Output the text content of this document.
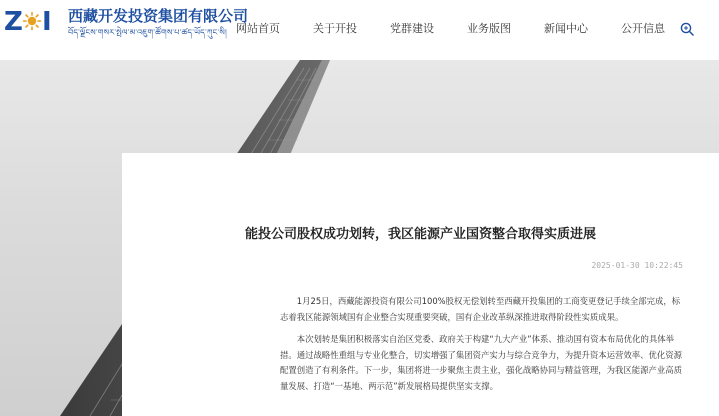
Z I 西藏开发投资集团有限公司
བོད་ལྗོངས་གསར་སྤེལ་མ་འཇུག་ཚོགས་པ་ཚད་ཡོད་ཀུང་སི། 网站首页	关于开投	党群建设	业务版图	新闻中心	公开信息
能投公司股权成功划转，我区能源产业国资整合取得实质进展
2025-01-30 10:22:45

1月25日，西藏能源投资有限公司100%股权无偿划转至西藏开投集团的工商变更登记手续全部完成，标志着我区能源领域国有企业整合实现重要突破，国有企业改革纵深推进取得阶段性实质成果。

本次划转是集团积极落实自治区党委、政府关于构建“九大产业”体系、推动国有资本布局优化的具体举措。通过战略性重组与专业化整合，切实增强了集团资产实力与综合竞争力，为提升资本运营效率、优化资源配置创造了有利条件。下一步，集团将进一步聚焦主责主业，强化战略协同与精益管理，为我区能源产业高质量发展、打造“一基地、两示范”新发展格局提供坚实支撑。
